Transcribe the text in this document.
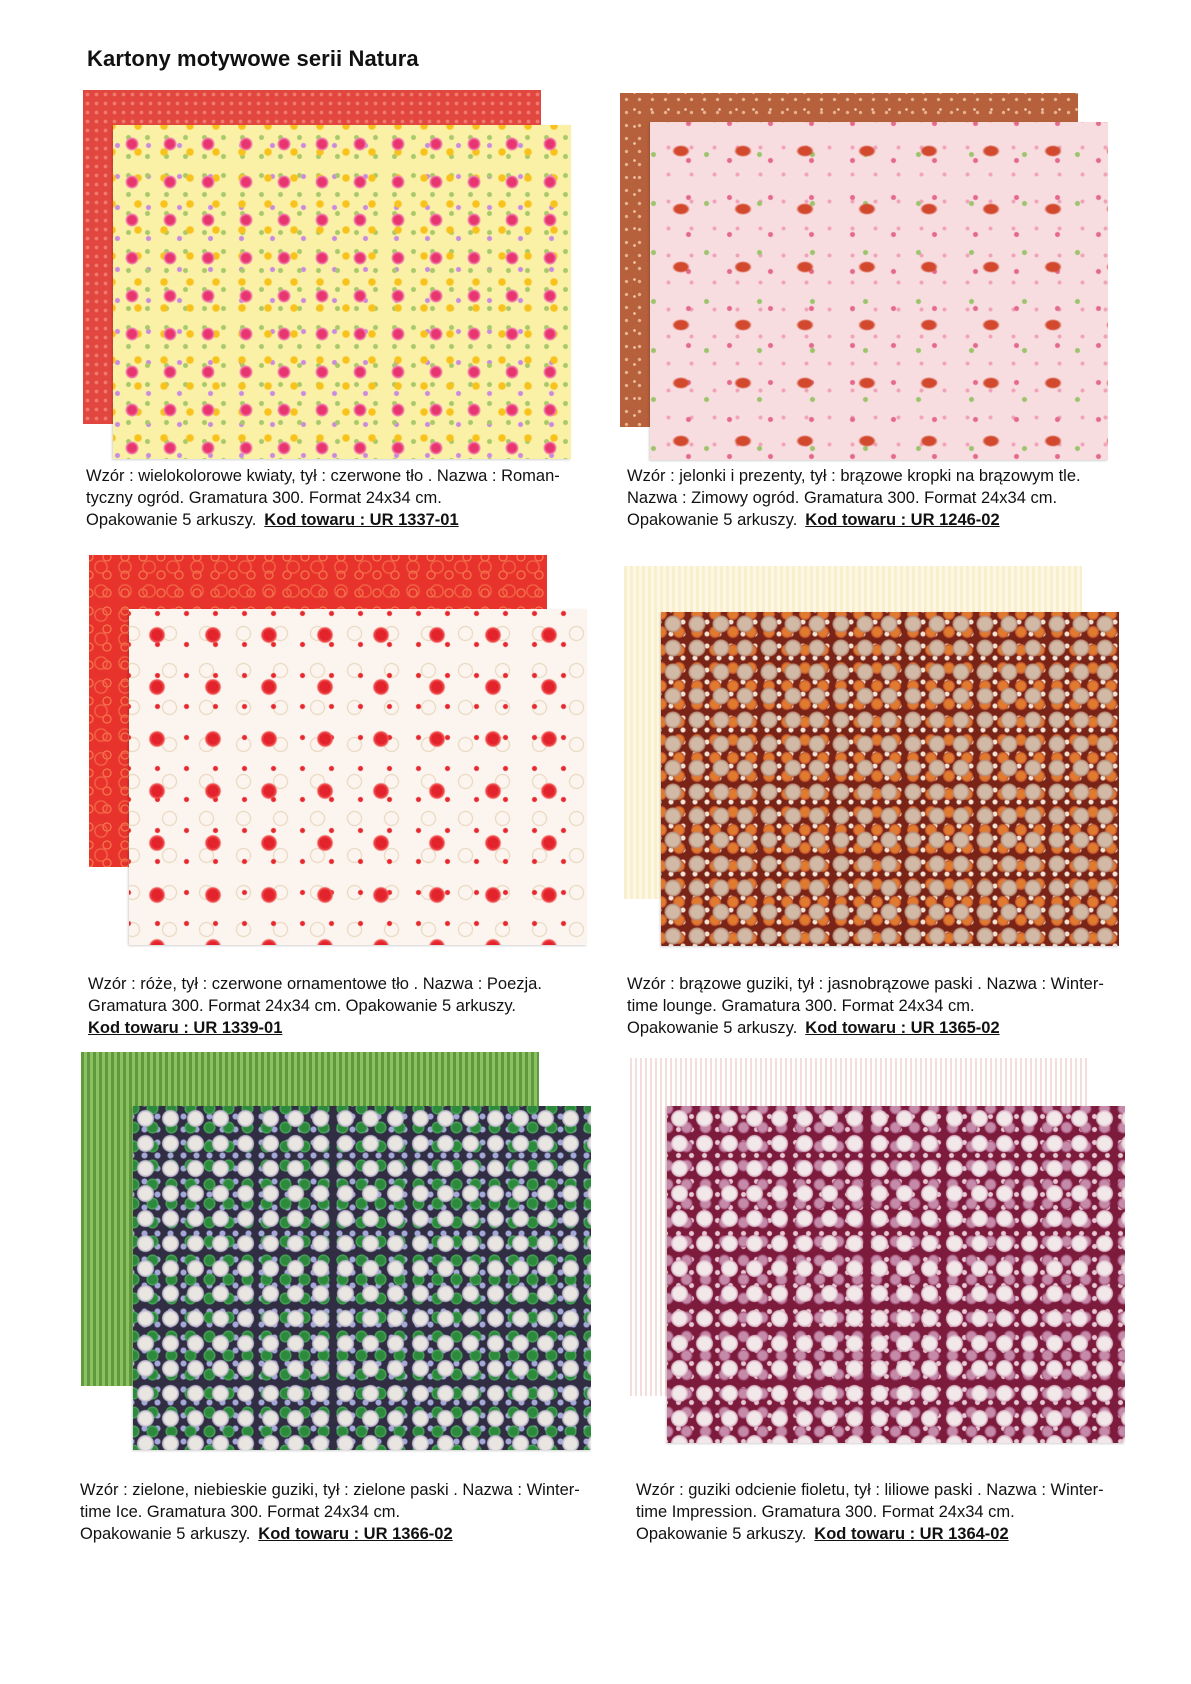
Kartony motywowe serii Natura
Wzór : wielokolorowe kwiaty, tył : czerwone tło . Nazwa : Roman-
tyczny ogród. Gramatura 300. Format 24x34 cm.
Opakowanie 5 arkuszy. Kod towaru : UR 1337-01
Wzór : jelonki i prezenty, tył : brązowe kropki na brązowym tle.
Nazwa : Zimowy ogród. Gramatura 300. Format 24x34 cm.
Opakowanie 5 arkuszy. Kod towaru : UR 1246-02
Wzór : róże, tył : czerwone ornamentowe tło . Nazwa : Poezja.
Gramatura 300. Format 24x34 cm. Opakowanie 5 arkuszy.
Kod towaru : UR 1339-01
Wzór : brązowe guziki, tył : jasnobrązowe paski . Nazwa : Winter-
time lounge. Gramatura 300. Format 24x34 cm.
Opakowanie 5 arkuszy. Kod towaru : UR 1365-02
Wzór : zielone, niebieskie guziki, tył : zielone paski . Nazwa : Winter-
time Ice. Gramatura 300. Format 24x34 cm.
Opakowanie 5 arkuszy. Kod towaru : UR 1366-02
Wzór : guziki odcienie fioletu, tył : liliowe paski . Nazwa : Winter-
time Impression. Gramatura 300. Format 24x34 cm.
Opakowanie 5 arkuszy. Kod towaru : UR 1364-02
